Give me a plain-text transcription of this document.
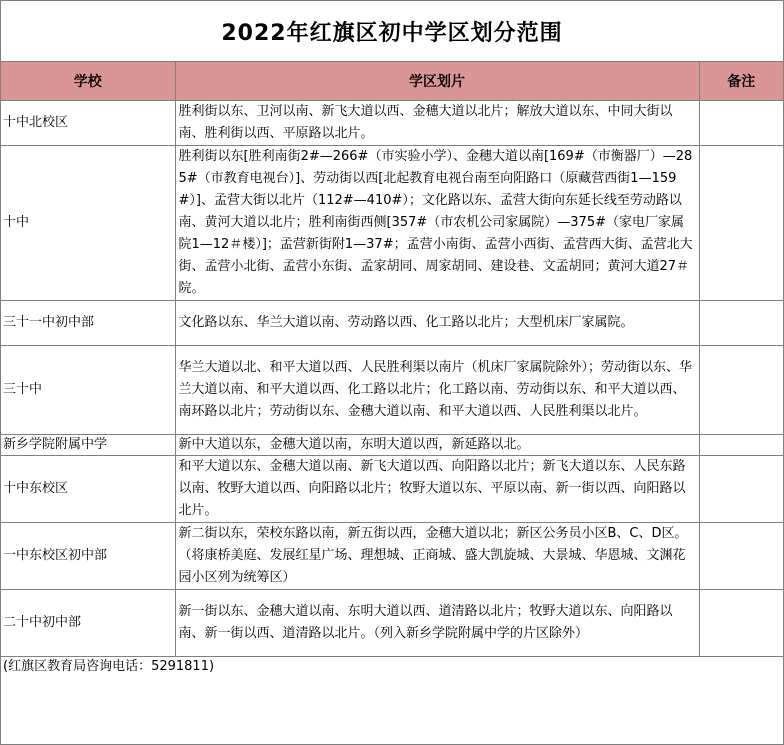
2022年红旗区初中学区划分范围
学校	学区划片	备注
十中北校区	胜利街以东、卫河以南、新飞大道以西、金穗大道以北片；解放大道以东、中同大街以南、胜利街以西、平原路以北片。	
十中	胜利街以东[胜利南街2#—266#（市实验小学）、金穗大道以南[169#（市衡器厂）—285#（市教育电视台）]、劳动街以西[北起教育电视台南至向阳路口（原藏营西街1—159#）]、孟营大街以北片（112#—410#）；文化路以东、孟营大街向东延长线至劳动路以南、黄河大道以北片；胜利南街西侧[357#（市农机公司家属院）—375#（家电厂家属院1—12＃楼）]；孟营新街附1—37#；孟营小南街、孟营小西街、孟营西大街、孟营北大街、孟营小北街、孟营小东街、孟家胡同、周家胡同、建设巷、文孟胡同；黄河大道27＃院。	
三十一中初中部	文化路以东、华兰大道以南、劳动路以西、化工路以北片；大型机床厂家属院。	
三十中	华兰大道以北、和平大道以西、人民胜利渠以南片（机床厂家属院除外）；劳动街以东、华兰大道以南、和平大道以西、化工路以北片；化工路以南、劳动街以东、和平大道以西、南环路以北片；劳动街以东、金穗大道以南、和平大道以西、人民胜利渠以北片。	
新乡学院附属中学	新中大道以东，金穗大道以南，东明大道以西，新延路以北。	
十中东校区	和平大道以东、金穗大道以南、新飞大道以西、向阳路以北片；新飞大道以东、人民东路以南、牧野大道以西、向阳路以北片；牧野大道以东、平原以南、新一街以西、向阳路以北片。	
一中东校区初中部	新二街以东，荣校东路以南，新五街以西，金穗大道以北；新区公务员小区B、C、D区。（将康桥美庭、发展红星广场、理想城、正商城、盛大凯旋城、大景城、华恩城、文渊花园小区列为统筹区）	
二十中初中部	新一街以东、金穗大道以南、东明大道以西、道清路以北片；牧野大道以东、向阳路以南、新一街以西、道清路以北片。（列入新乡学院附属中学的片区除外）	
(红旗区教育局咨询电话：5291811)
